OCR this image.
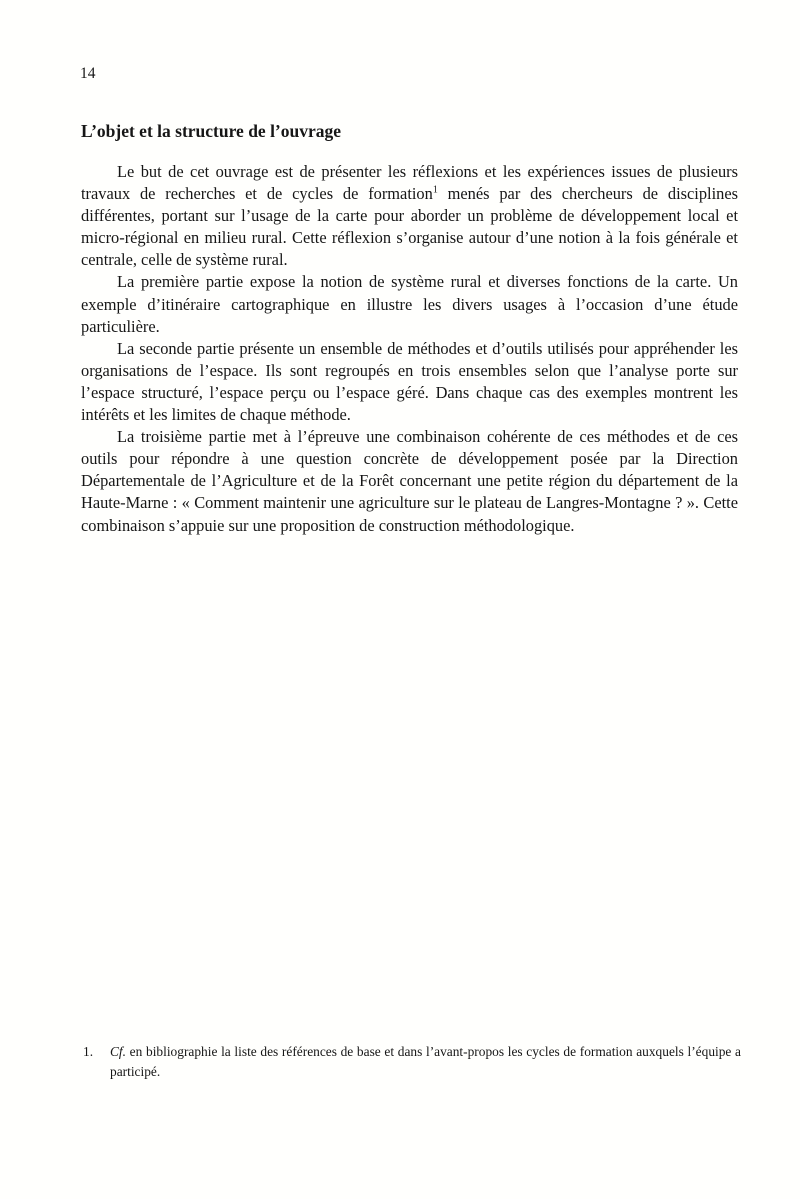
14
L’objet et la structure de l’ouvrage

Le but de cet ouvrage est de présenter les réflexions et les expériences issues de plusieurs travaux de recherches et de cycles de formation$^1$ menés par des chercheurs de disciplines différentes, portant sur l’usage de la carte pour aborder un problème de développement local et micro-régional en milieu rural. Cette réflexion s’organise autour d’une notion à la fois générale et centrale, celle de système rural.

La première partie expose la notion de système rural et diverses fonctions de la carte. Un exemple d’itinéraire cartographique en illustre les divers usages à l’occasion d’une étude particulière.

La seconde partie présente un ensemble de méthodes et d’outils utilisés pour appréhender les organisations de l’espace. Ils sont regroupés en trois ensembles selon que l’analyse porte sur l’espace structuré, l’espace perçu ou l’espace géré. Dans chaque cas des exemples montrent les intérêts et les limites de chaque méthode.

La troisième partie met à l’épreuve une combinaison cohérente de ces méthodes et de ces outils pour répondre à une question concrète de développement posée par la Direction Départementale de l’Agriculture et de la Forêt concernant une petite région du département de la Haute-Marne : « Comment maintenir une agriculture sur le plateau de Langres-Montagne ? ». Cette combinaison s’appuie sur une proposition de construction méthodologique.

1.	Cf. en bibliographie la liste des références de base et dans l’avant-propos les cycles de formation auxquels l’équipe a participé.
